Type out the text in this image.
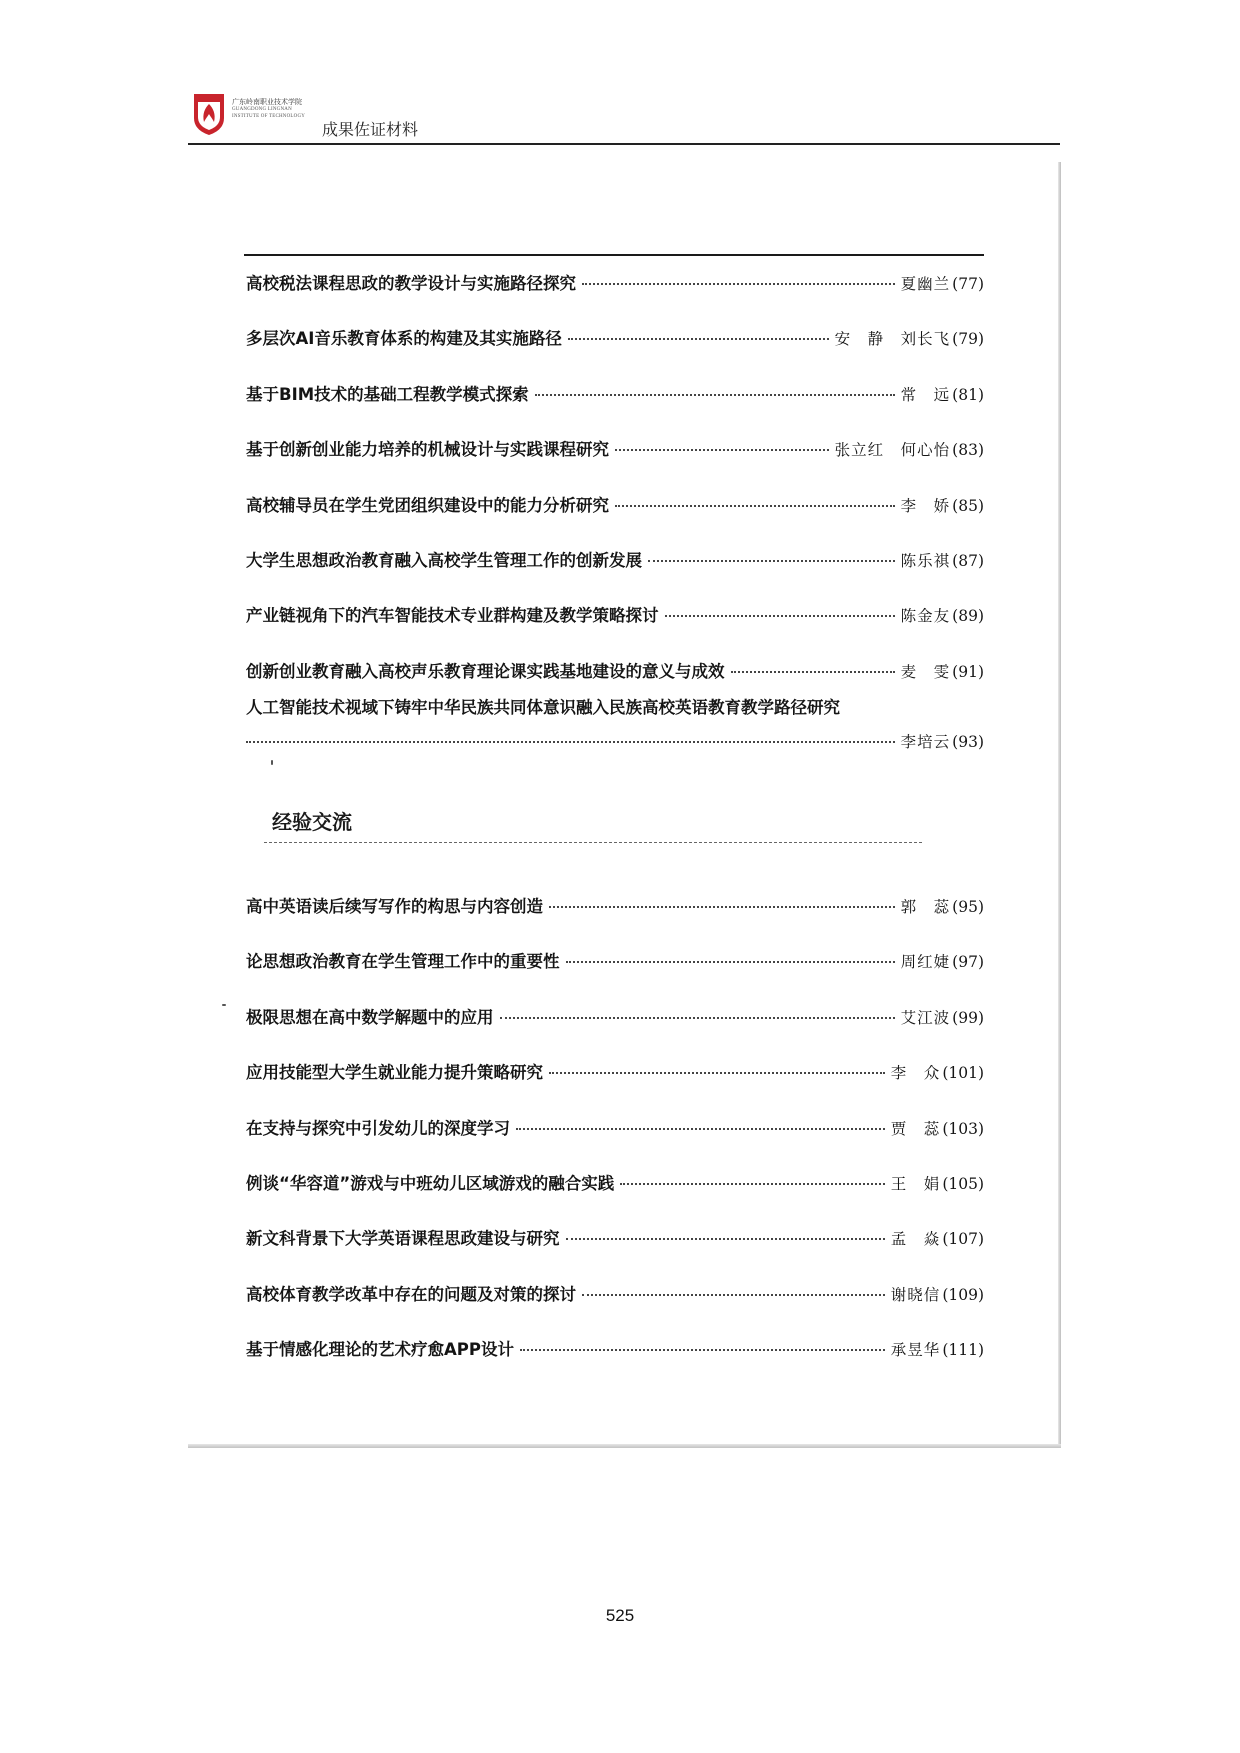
广东岭南职业技术学院
GUANGDONG LINGNAN
INSTITUTE OF TECHNOLOGY
成果佐证材料
高校税法课程思政的教学设计与实施路径探究	夏幽兰 (77)
多层次AI音乐教育体系的构建及其实施路径	安　静　刘长飞 (79)
基于BIM技术的基础工程教学模式探索	常　远 (81)
基于创新创业能力培养的机械设计与实践课程研究	张立红　何心怡 (83)
高校辅导员在学生党团组织建设中的能力分析研究	李　娇 (85)
大学生思想政治教育融入高校学生管理工作的创新发展	陈乐祺 (87)
产业链视角下的汽车智能技术专业群构建及教学策略探讨	陈金友 (89)
创新创业教育融入高校声乐教育理论课实践基地建设的意义与成效	麦　雯 (91)
人工智能技术视域下铸牢中华民族共同体意识融入民族高校英语教育教学路径研究
李培云 (93)
经验交流
高中英语读后续写写作的构思与内容创造	郭　蕊 (95)
论思想政治教育在学生管理工作中的重要性	周红婕 (97)
极限思想在高中数学解题中的应用	艾江波 (99)
应用技能型大学生就业能力提升策略研究	李　众 (101)
在支持与探究中引发幼儿的深度学习	贾　蕊 (103)
例谈“华容道”游戏与中班幼儿区域游戏的融合实践	王　娟 (105)
新文科背景下大学英语课程思政建设与研究	孟　焱 (107)
高校体育教学改革中存在的问题及对策的探讨	谢晓信 (109)
基于情感化理论的艺术疗愈APP设计	承昱华 (111)
525
